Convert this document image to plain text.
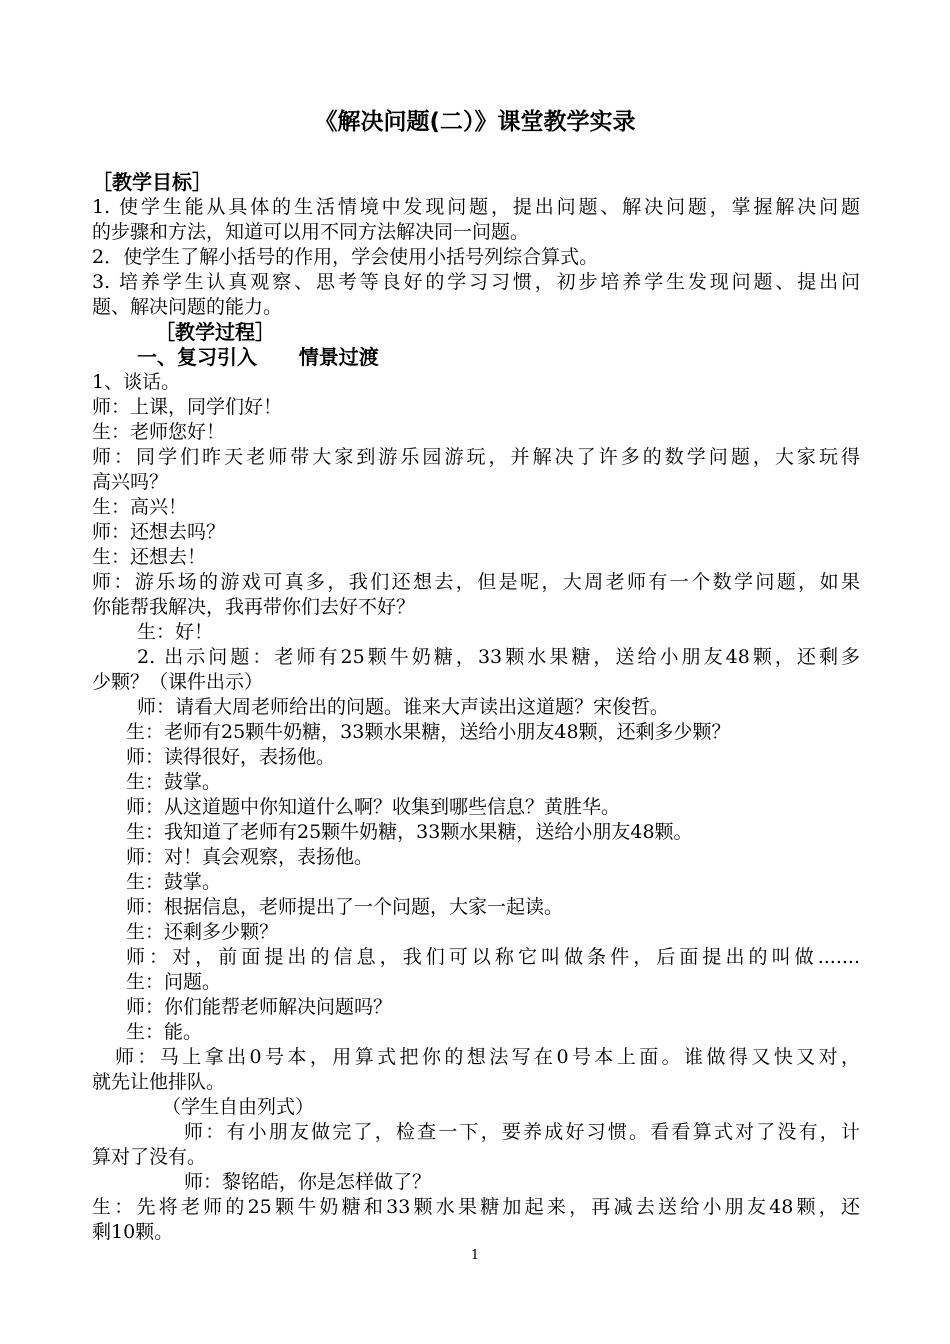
《解决问题(二）》课堂教学实录
［教学目标］
1. 使学生能从具体的生活情境中发现问题，提出问题、解决问题，掌握解决问题
的步骤和方法，知道可以用不同方法解决同一问题。
2．使学生了解小括号的作用，学会使用小括号列综合算式。
3. 培养学生认真观察、思考等良好的学习习惯，初步培养学生发现问题、提出问
题、解决问题的能力。
［教学过程］
一、复习引入      情景过渡
1、谈话。
师：上课，同学们好！
生：老师您好！
师：同学们昨天老师带大家到游乐园游玩，并解决了许多的数学问题，大家玩得
高兴吗？
生：高兴！
师：还想去吗？
生：还想去！
师：游乐场的游戏可真多，我们还想去，但是呢，大周老师有一个数学问题，如果
你能帮我解决，我再带你们去好不好？
生：好！
2. 出示问题：老师有25颗牛奶糖，33颗水果糖，送给小朋友48颗，还剩多
少颗？（课件出示）
师：请看大周老师给出的问题。谁来大声读出这道题？宋俊哲。
生：老师有25颗牛奶糖，33颗水果糖，送给小朋友48颗，还剩多少颗？
师：读得很好，表扬他。
生：鼓掌。
师：从这道题中你知道什么啊？收集到哪些信息？黄胜华。
生：我知道了老师有25颗牛奶糖，33颗水果糖，送给小朋友48颗。
师：对！真会观察，表扬他。
生：鼓掌。
师：根据信息，老师提出了一个问题，大家一起读。
生：还剩多少颗？
师：对，前面提出的信息，我们可以称它叫做条件，后面提出的叫做.......
生：问题。
师：你们能帮老师解决问题吗？
生：能。
师：马上拿出0号本，用算式把你的想法写在0号本上面。谁做得又快又对，
就先让他排队。
（学生自由列式）
师：有小朋友做完了，检查一下，要养成好习惯。看看算式对了没有，计
算对了没有。
师：黎铭皓，你是怎样做了？
生：先将老师的25颗牛奶糖和33颗水果糖加起来，再减去送给小朋友48颗，还
剩10颗。
1
